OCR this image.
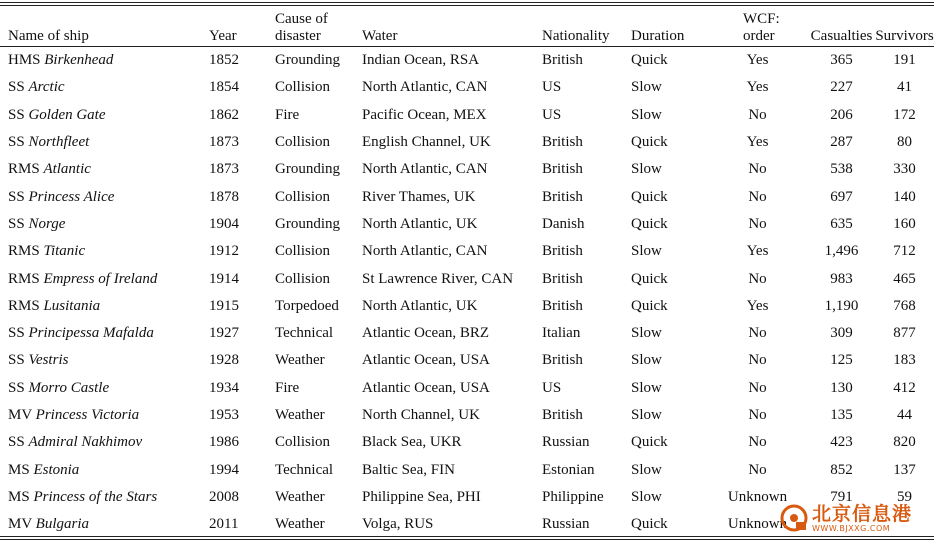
Name of ship	Year	Cause of disaster	Water	Nationality	Duration	WCF: order	Casualties	Survivors
HMS Birkenhead	1852	Grounding	Indian Ocean, RSA	British	Quick	Yes	365	191
SS Arctic	1854	Collision	North Atlantic, CAN	US	Slow	Yes	227	41
SS Golden Gate	1862	Fire	Pacific Ocean, MEX	US	Slow	No	206	172
SS Northfleet	1873	Collision	English Channel, UK	British	Quick	Yes	287	80
RMS Atlantic	1873	Grounding	North Atlantic, CAN	British	Slow	No	538	330
SS Princess Alice	1878	Collision	River Thames, UK	British	Quick	No	697	140
SS Norge	1904	Grounding	North Atlantic, UK	Danish	Quick	No	635	160
RMS Titanic	1912	Collision	North Atlantic, CAN	British	Slow	Yes	1,496	712
RMS Empress of Ireland	1914	Collision	St Lawrence River, CAN	British	Quick	No	983	465
RMS Lusitania	1915	Torpedoed	North Atlantic, UK	British	Quick	Yes	1,190	768
SS Principessa Mafalda	1927	Technical	Atlantic Ocean, BRZ	Italian	Slow	No	309	877
SS Vestris	1928	Weather	Atlantic Ocean, USA	British	Slow	No	125	183
SS Morro Castle	1934	Fire	Atlantic Ocean, USA	US	Slow	No	130	412
MV Princess Victoria	1953	Weather	North Channel, UK	British	Slow	No	135	44
SS Admiral Nakhimov	1986	Collision	Black Sea, UKR	Russian	Quick	No	423	820
MS Estonia	1994	Technical	Baltic Sea, FIN	Estonian	Slow	No	852	137
MS Princess of the Stars	2008	Weather	Philippine Sea, PHI	Philippine	Slow	Unknown	791	59
MV Bulgaria	2011	Weather	Volga, RUS	Russian	Quick	Unknown		北京信息港
WWW.BJXXG.COM
